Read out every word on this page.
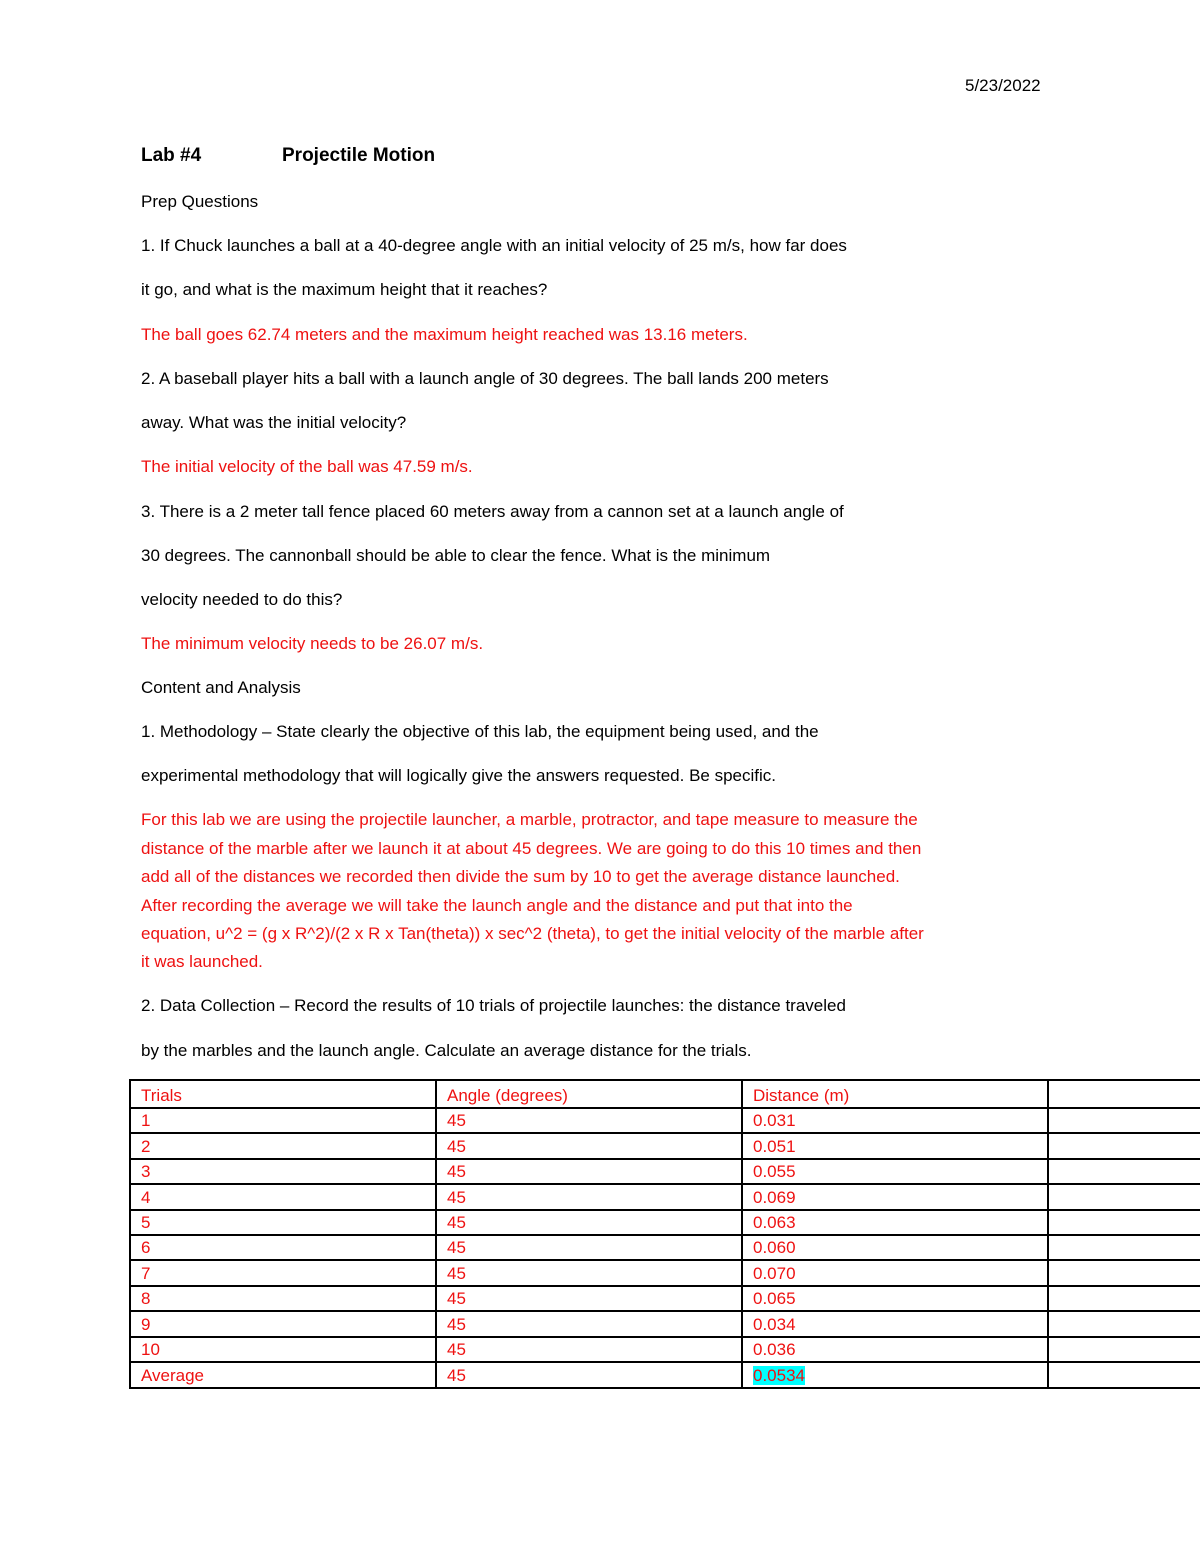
5/23/2022
Lab #4	Projectile Motion
Prep Questions
1. If Chuck launches a ball at a 40-degree angle with an initial velocity of 25 m/s, how far does
it go, and what is the maximum height that it reaches?
The ball goes 62.74 meters and the maximum height reached was 13.16 meters.
2. A baseball player hits a ball with a launch angle of 30 degrees. The ball lands 200 meters
away. What was the initial velocity?
The initial velocity of the ball was 47.59 m/s.
3. There is a 2 meter tall fence placed 60 meters away from a cannon set at a launch angle of
30 degrees. The cannonball should be able to clear the fence. What is the minimum
velocity needed to do this?
The minimum velocity needs to be 26.07 m/s.
Content and Analysis
1. Methodology – State clearly the objective of this lab, the equipment being used, and the
experimental methodology that will logically give the answers requested. Be specific.
For this lab we are using the projectile launcher, a marble, protractor, and tape measure to measure the
distance of the marble after we launch it at about 45 degrees. We are going to do this 10 times and then
add all of the distances we recorded then divide the sum by 10 to get the average distance launched.
After recording the average we will take the launch angle and the distance and put that into the
equation, u^2 = (g x R^2)/(2 x R x Tan(theta)) x sec^2 (theta), to get the initial velocity of the marble after
it was launched.
2. Data Collection – Record the results of 10 trials of projectile launches: the distance traveled
by the marbles and the launch angle. Calculate an average distance for the trials.
Trials	Angle (degrees)	Distance (m)	
1	45	0.031	
2	45	0.051	
3	45	0.055	
4	45	0.069	
5	45	0.063	
6	45	0.060	
7	45	0.070	
8	45	0.065	
9	45	0.034	
10	45	0.036	
Average	45	0.0534	
